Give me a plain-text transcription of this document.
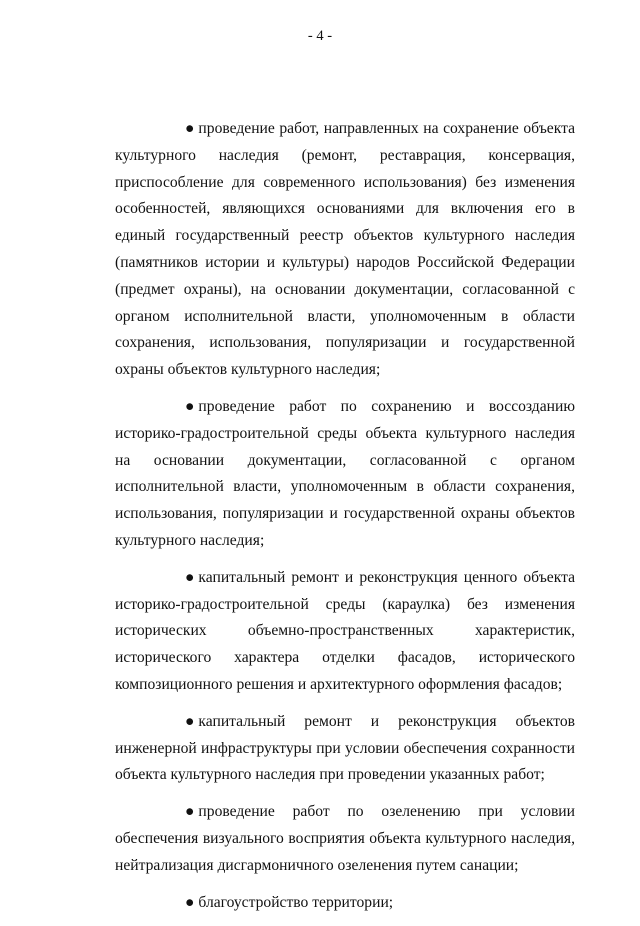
- 4 -

● проведение работ, направленных на сохранение объекта культурного наследия (ремонт, реставрация, консервация, приспособление для современного использования) без изменения особенностей, являющихся основаниями для включения его в единый государственный реестр объектов культурного наследия (памятников истории и культуры) народов Российской Федерации (предмет охраны), на основании документации, согласованной с органом исполнительной власти, уполномоченным в области сохранения, использования, популяризации и государственной охраны объектов культурного наследия;

● проведение работ по сохранению и воссозданию историко-градостроительной среды объекта культурного наследия на основании документации, согласованной с органом исполнительной власти, уполномоченным в области сохранения, использования, популяризации и государственной охраны объектов культурного наследия;

● капитальный ремонт и реконструкция ценного объекта историко-градостроительной среды (караулка) без изменения исторических объемно-пространственных характеристик, исторического характера отделки фасадов, исторического композиционного решения и архитектурного оформления фасадов;

● капитальный ремонт и реконструкция объектов инженерной инфраструктуры при условии обеспечения сохранности объекта культурного наследия при проведении указанных работ;

● проведение работ по озеленению при условии обеспечения визуального восприятия объекта культурного наследия, нейтрализация дисгармоничного озеленения путем санации;

● благоустройство территории;
